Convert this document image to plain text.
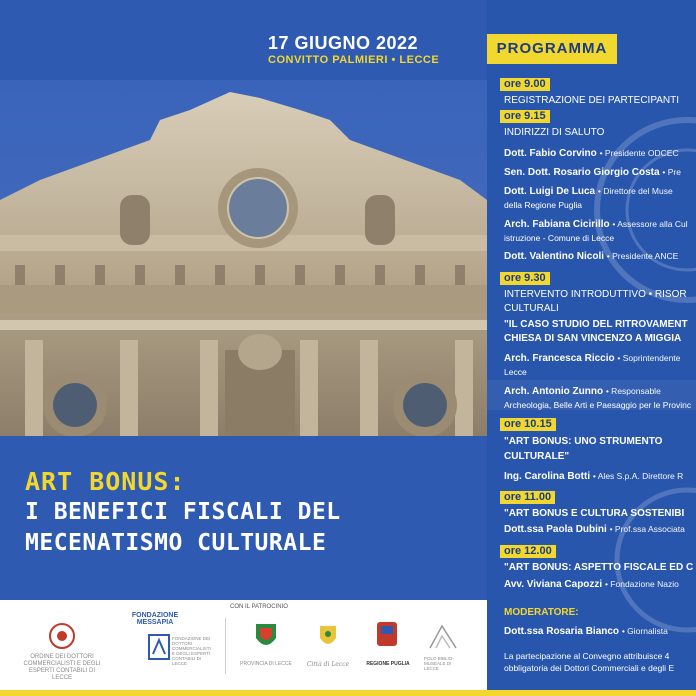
17 GIUGNO 2022
CONVITTO PALMIERI • LECCE
ART BONUS:
I BENEFICI FISCALI DEL
MECENATISMO CULTURALE
PROGRAMMA
ore 9.00
REGISTRAZIONE DEI PARTECIPANTI
ore 9.15
INDIRIZZI DI SALUTO
Dott. Fabio Corvino • Presidente ODCEC
Sen. Dott. Rosario Giorgio Costa • Pre
Dott. Luigi De Luca • Direttore del Muse
della Regione Puglia
Arch. Fabiana Cicirillo • Assessore alla Cul
istruzione - Comune di Lecce
Dott. Valentino Nicoli • Presidente ANCE
ore 9.30
INTERVENTO INTRODUTTIVO • RISOR
CULTURALI
"IL CASO STUDIO DEL RITROVAMENT
CHIESA DI SAN VINCENZO A MIGGIA
Arch. Francesca Riccio • Soprintendente
Lecce
Arch. Antonio Zunno • Responsable
Archeologia, Belle Arti e Paesaggio per le Provinc
ore 10.15
"ART BONUS: UNO STRUMENTO
CULTURALE"
Ing. Carolina Botti • Ales S.p.A. Direttore R
ore 11.00
"ART BONUS E CULTURA SOSTENIBI
Dott.ssa Paola Dubini • Prof.ssa Associata
ore 12.00
"ART BONUS: ASPETTO FISCALE ED C
Avv. Viviana Capozzi • Fondazione Nazio
MODERATORE:
Dott.ssa Rosaria Bianco • Giornalista
La partecipazione al Convegno attribuisce 4
obbligatoria dei Dottori Commerciali e degli E
ORDINE DEI DOTTORI COMMERCIALISTI E DEGLI ESPERTI CONTABILI DI LECCE
FONDAZIONE MESSAPIA
FONDAZIONE DEI DOTTORI COMMERCIALISTI E DEGLI ESPERTI CONTABILI DI LECCE	PROVINCIA DI LECCE	Città di Lecce	REGIONE PUGLIA
POLO BIBLIO-MUSEALE DI LECCE
CON IL PATROCINIO
